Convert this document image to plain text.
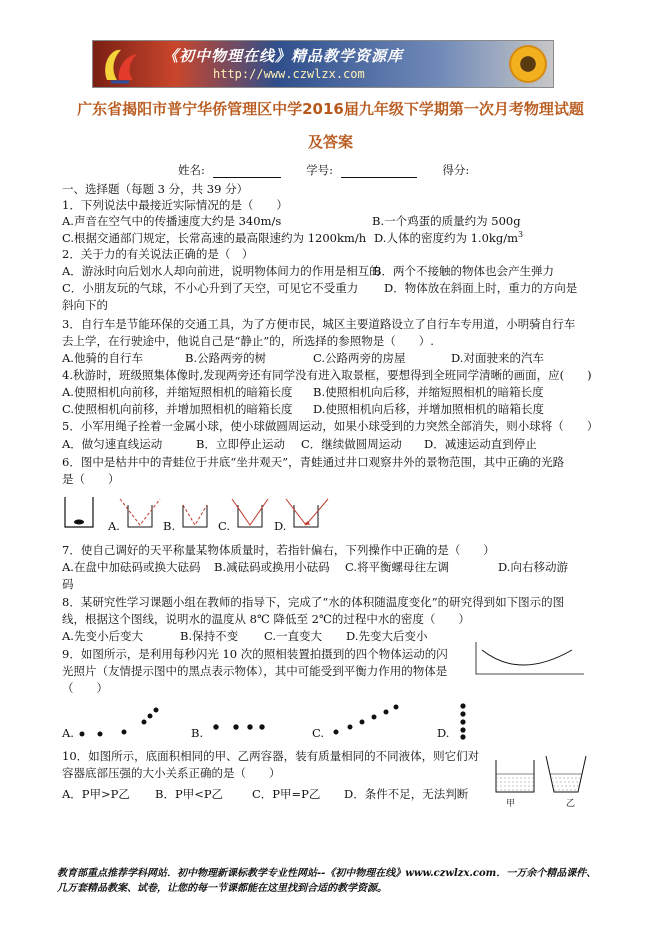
《初中物理在线》精品教学资源库
http://www.czwlzx.com
广东省揭阳市普宁华侨管理区中学2016届九年级下学期第一次月考物理试题
及答案
姓名:	学号:	得分:
一、选择题（每题 3 分，共 39 分）
1．下列说法中最接近实际情况的是（　　）
A.声音在空气中的传播速度大约是 340m/s	B.一个鸡蛋的质量约为 500g
C.根据交通部门规定，长常高速的最高限速约为 1200km/h D.人体的密度约为 $1.0kg/m^3$
2．关于力的有关说法正确的是（　）
A．游泳时向后划水人却向前进，说明物体间力的作用是相互的
B．两个不接触的物体也会产生弹力
C．小朋友玩的气球，不小心升到了天空，可见它不受重力 D．物体放在斜面上时，重力的方向是
斜向下的
3．自行车是节能环保的交通工具，为了方便市民，城区主要道路设立了自行车专用道，小明骑自行车
去上学，在行驶途中，他说自己是“静止”的，所选择的参照物是（　　）.
A.他骑的自行车	B.公路两旁的树	C.公路两旁的房屋	D.对面驶来的汽车
4.秋游时，班级照集体像时,发现两旁还有同学没有进入取景框，要想得到全班同学清晰的画面，应(　　)
A.使照相机向前移，并缩短照相机的暗箱长度 B.使照相机向后移，并缩短照相机的暗箱长度
C.使照相机向前移，并增加照相机的暗箱长度 D.使照相机向后移，并增加照相机的暗箱长度
5．小军用绳子拴着一金属小球，使小球做圆周运动，如果小球受到的力突然全部消失，则小球将（　　）
A．做匀速直线运动	B．立即停止运动 C．继续做圆周运动 D．减速运动直到停止
6．图中是枯井中的青蛙位于井底“坐井观天”，青蛙通过井口观察井外的景物范围，其中正确的光路
是（　　）
A.	B.	C.	D.
7．使自己调好的天平称量某物体质量时，若指针偏右，下列操作中正确的是（　　）
A.在盘中加砝码或换大砝码 B.减砝码或换用小砝码 C.将平衡螺母往左调	D.向右移动游
码
8．某研究性学习课题小组在教师的指导下，完成了“水的体积随温度变化”的研究得到如下图示的图
线，根据这个图线，说明水的温度从 8℃ 降低至 2℃的过程中水的密度（　　）
A.先变小后变大	B.保持不变 C.一直变大 D.先变大后变小
9．如图所示，是利用每秒闪光 10 次的照相装置拍摄到的四个物体运动的闪
光照片（友情提示图中的黑点表示物体），其中可能受到平衡力作用的物体是
（　　）
A.	B.	C.	D.
10．如图所示，底面积相同的甲、乙两容器，装有质量相同的不同液体，则它们对
容器底部压强的大小关系正确的是（　　）
A．P甲>P乙 B．P甲<P乙	C．P甲=P乙 D．条件不足，无法判断
甲	乙
教育部重点推荐学科网站．初中物理新课标教学专业性网站--《初中物理在线》www.czwlzx.com．一万余个精品课件、
几万套精品教案、试卷，让您的每一节课都能在这里找到合适的教学资源。
